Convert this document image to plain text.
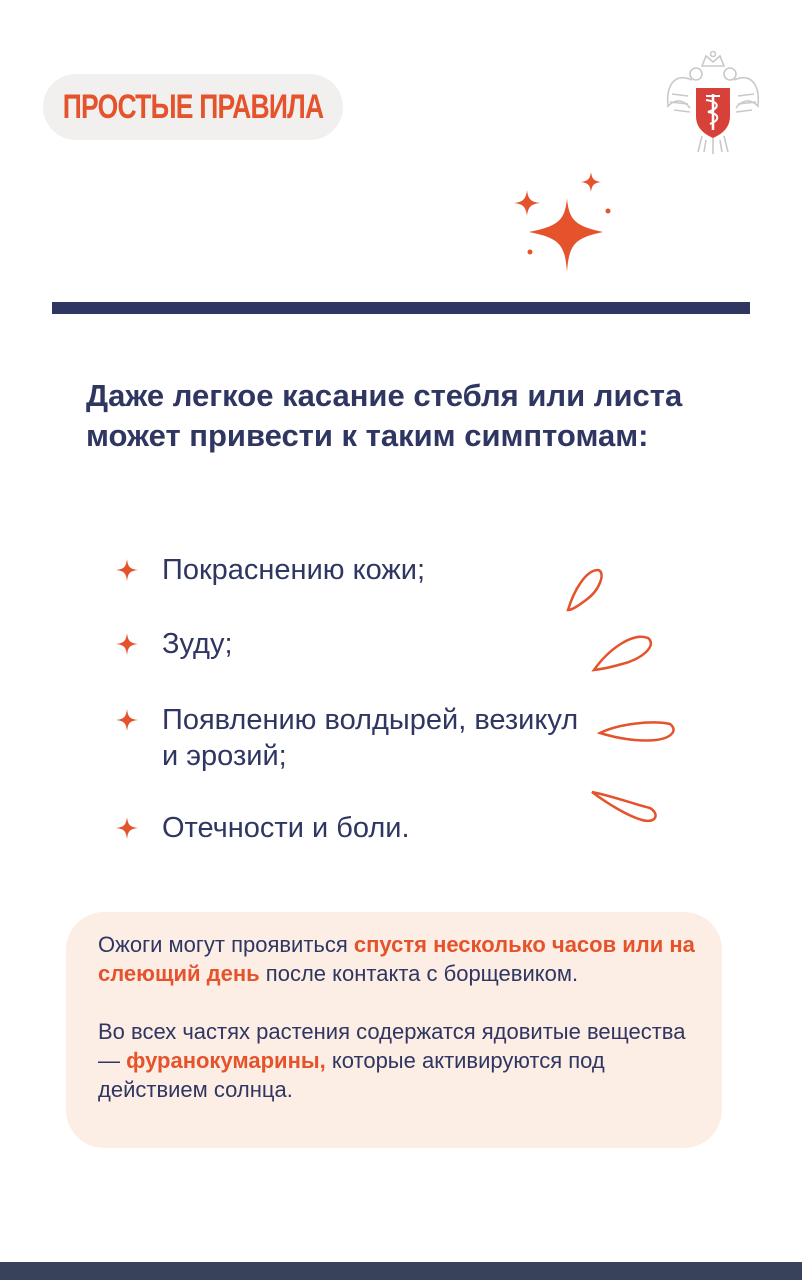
ПРОСТЫЕ ПРАВИЛА
Даже легкое касание стебля или листа может привести к таким симптомам:
Покраснению кожи;
Зуду;
Появлению волдырей, везикул и эрозий;
Отечности и боли.

Ожоги могут проявиться спустя несколько часов или на слеющий день после контакта с борщевиком.

Во всех частях растения содержатся ядовитые вещества — фуранокумарины, которые активируются под действием солнца.
